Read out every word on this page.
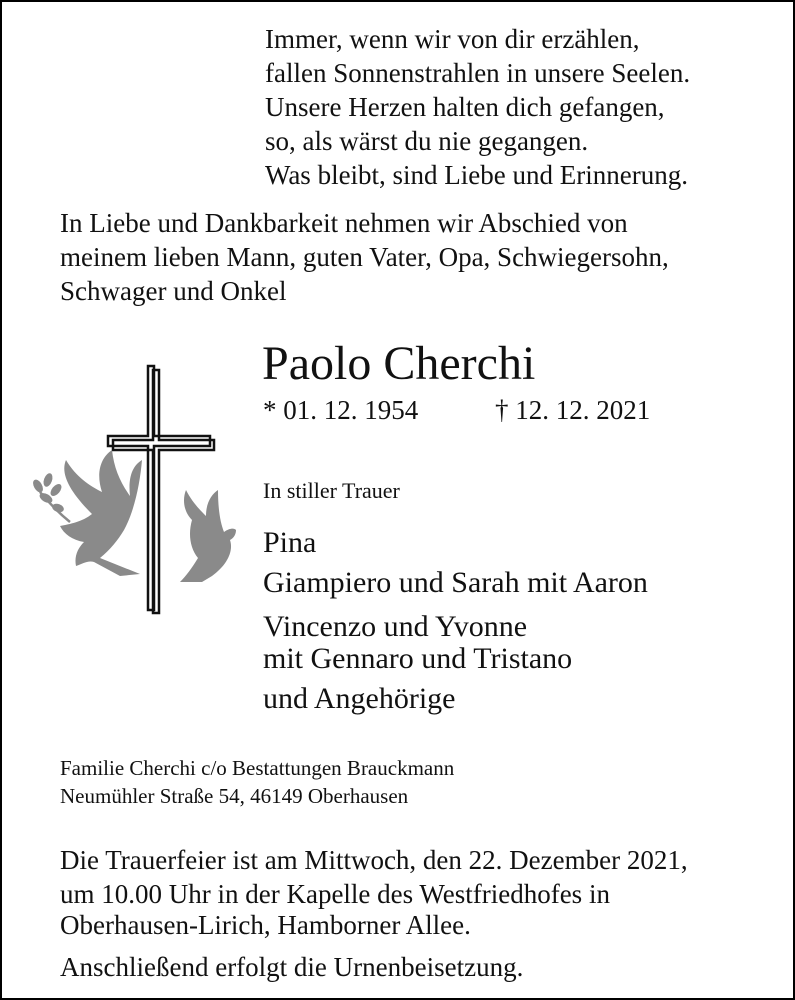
Immer, wenn wir von dir erzählen,
fallen Sonnenstrahlen in unsere Seelen.
Unsere Herzen halten dich gefangen,
so, als wärst du nie gegangen.
Was bleibt, sind Liebe und Erinnerung.
In Liebe und Dankbarkeit nehmen wir Abschied von
meinem lieben Mann, guten Vater, Opa, Schwiegersohn,
Schwager und Onkel
Paolo Cherchi
* 01. 12. 1954	† 12. 12. 2021
In stiller Trauer
Pina
Giampiero und Sarah mit Aaron
Vincenzo und Yvonne
mit Gennaro und Tristano
und Angehörige
Familie Cherchi c/o Bestattungen Brauckmann
Neumühler Straße 54, 46149 Oberhausen
Die Trauerfeier ist am Mittwoch, den 22. Dezember 2021,
um 10.00 Uhr in der Kapelle des Westfriedhofes in
Oberhausen-Lirich, Hamborner Allee.
Anschließend erfolgt die Urnenbeisetzung.
